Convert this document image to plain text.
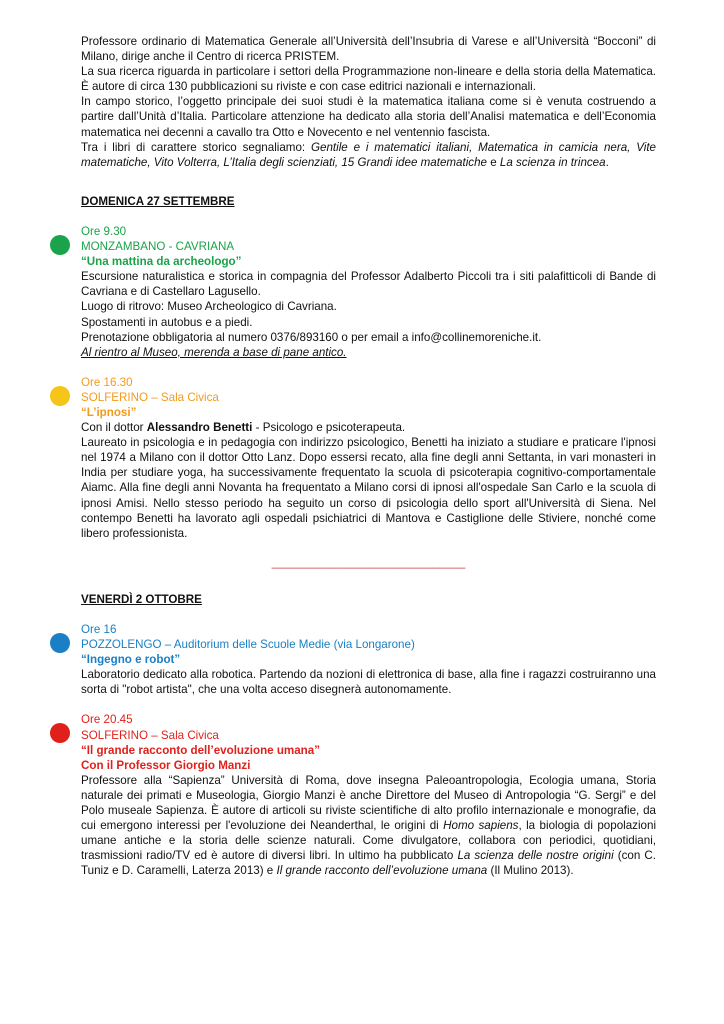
Professore ordinario di Matematica Generale all’Università dell’Insubria di Varese e all’Università “Bocconi” di Milano, dirige anche il Centro di ricerca PRISTEM.

La sua ricerca riguarda in particolare i settori della Programmazione non-lineare e della storia della Matematica. È autore di circa 130 pubblicazioni su riviste e con case editrici nazionali e internazionali.

In campo storico, l’oggetto principale dei suoi studi è la matematica italiana come si è venuta costruendo a partire dall’Unità d’Italia. Particolare attenzione ha dedicato alla storia dell’Analisi matematica e dell’Economia matematica nei decenni a cavallo tra Otto e Novecento e nel ventennio fascista.

Tra i libri di carattere storico segnaliamo: Gentile e i matematici italiani, Matematica in camicia nera, Vite matematiche, Vito Volterra, L’Italia degli scienziati, 15 Grandi idee matematiche e La scienza in trincea.

DOMENICA 27 SETTEMBRE

Ore 9.30

MONZAMBANO - CAVRIANA

“Una mattina da archeologo”

Escursione naturalistica e storica in compagnia del Professor Adalberto Piccoli tra i siti palafitticoli di Bande di Cavriana e di Castellaro Lagusello.

Luogo di ritrovo: Museo Archeologico di Cavriana.

Spostamenti in autobus e a piedi.

Prenotazione obbligatoria al numero 0376/893160 o per email a info@collinemoreniche.it.

Al rientro al Museo, merenda a base di pane antico.

Ore 16.30

SOLFERINO – Sala Civica

“L’ipnosi”

Con il dottor Alessandro Benetti - Psicologo e psicoterapeuta.

Laureato in psicologia e in pedagogia con indirizzo psicologico, Benetti ha iniziato a studiare e praticare l'ipnosi nel 1974 a Milano con il dottor Otto Lanz. Dopo essersi recato, alla fine degli anni Settanta, in vari monasteri in India per studiare yoga, ha successivamente frequentato la scuola di psicoterapia cognitivo-comportamentale Aiamc. Alla fine degli anni Novanta ha frequentato a Milano corsi di ipnosi all'ospedale San Carlo e la scuola di ipnosi Amisi. Nello stesso periodo ha seguito un corso di psicologia dello sport all'Università di Siena. Nel contempo Benetti ha lavorato agli ospedali psichiatrici di Mantova e Castiglione delle Stiviere, nonché come libero professionista.

______________________________

VENERDÌ 2 OTTOBRE

Ore 16

POZZOLENGO – Auditorium delle Scuole Medie (via Longarone)

“Ingegno e robot”

Laboratorio dedicato alla robotica. Partendo da nozioni di elettronica di base, alla fine i ragazzi costruiranno una sorta di "robot artista", che una volta acceso disegnerà autonomamente.

Ore 20.45

SOLFERINO – Sala Civica

“Il grande racconto dell’evoluzione umana”

Con il Professor Giorgio Manzi

Professore alla “Sapienza” Università di Roma, dove insegna Paleoantropologia, Ecologia umana, Storia naturale dei primati e Museologia, Giorgio Manzi è anche Direttore del Museo di Antropologia “G. Sergi” e del Polo museale Sapienza. È autore di articoli su riviste scientifiche di alto profilo internazionale e monografie, da cui emergono interessi per l'evoluzione dei Neanderthal, le origini di Homo sapiens, la biologia di popolazioni umane antiche e la storia delle scienze naturali. Come divulgatore, collabora con periodici, quotidiani, trasmissioni radio/TV ed è autore di diversi libri. In ultimo ha pubblicato La scienza delle nostre origini (con C. Tuniz e D. Caramelli, Laterza 2013) e Il grande racconto dell’evoluzione umana (Il Mulino 2013).
